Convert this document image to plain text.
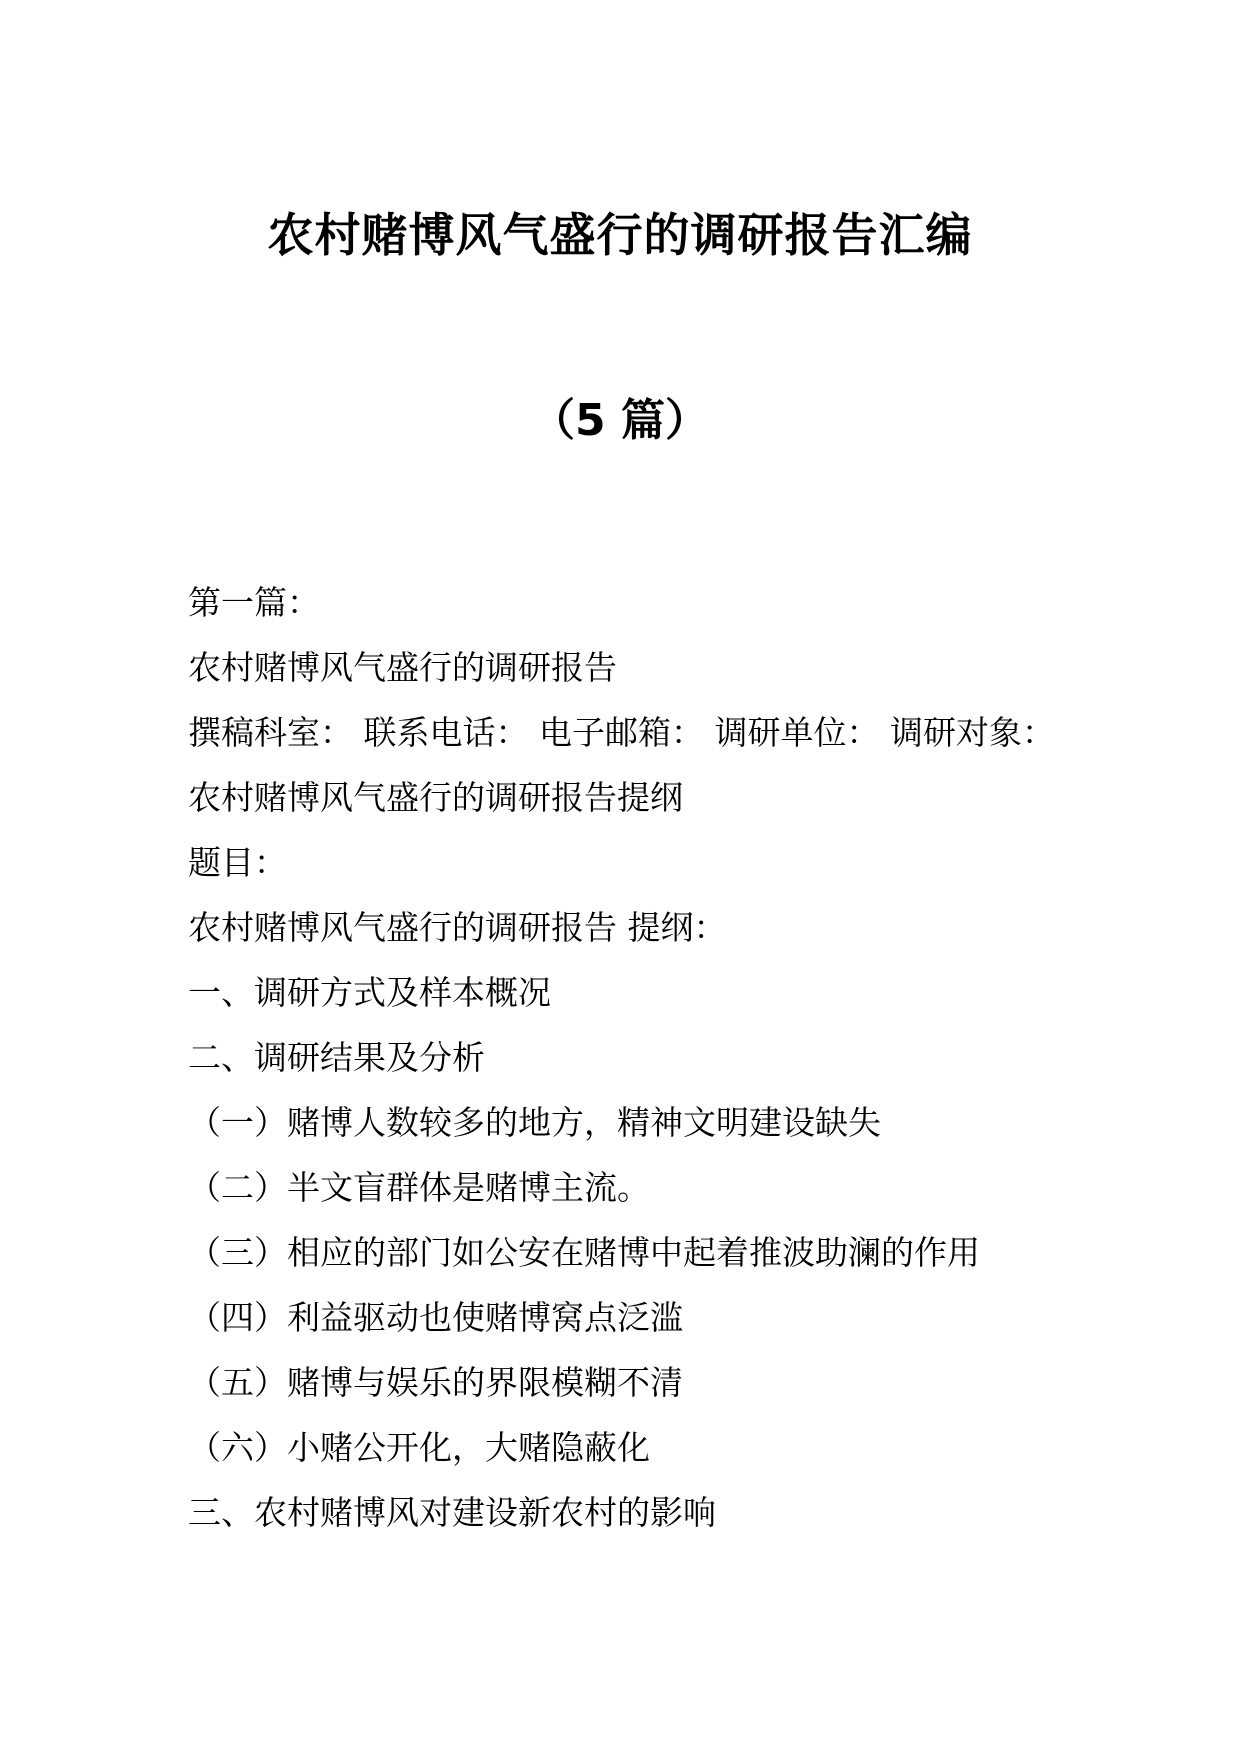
农村赌博风气盛行的调研报告汇编
（5 篇）
第一篇：
农村赌博风气盛行的调研报告
撰稿科室： 联系电话： 电子邮箱： 调研单位： 调研对象：
农村赌博风气盛行的调研报告提纲
题目：
农村赌博风气盛行的调研报告 提纲：
一、调研方式及样本概况
二、调研结果及分析
（一）赌博人数较多的地方，精神文明建设缺失
（二）半文盲群体是赌博主流。
（三）相应的部门如公安在赌博中起着推波助澜的作用
（四）利益驱动也使赌博窝点泛滥
（五）赌博与娱乐的界限模糊不清
（六）小赌公开化，大赌隐蔽化
三、农村赌博风对建设新农村的影响
